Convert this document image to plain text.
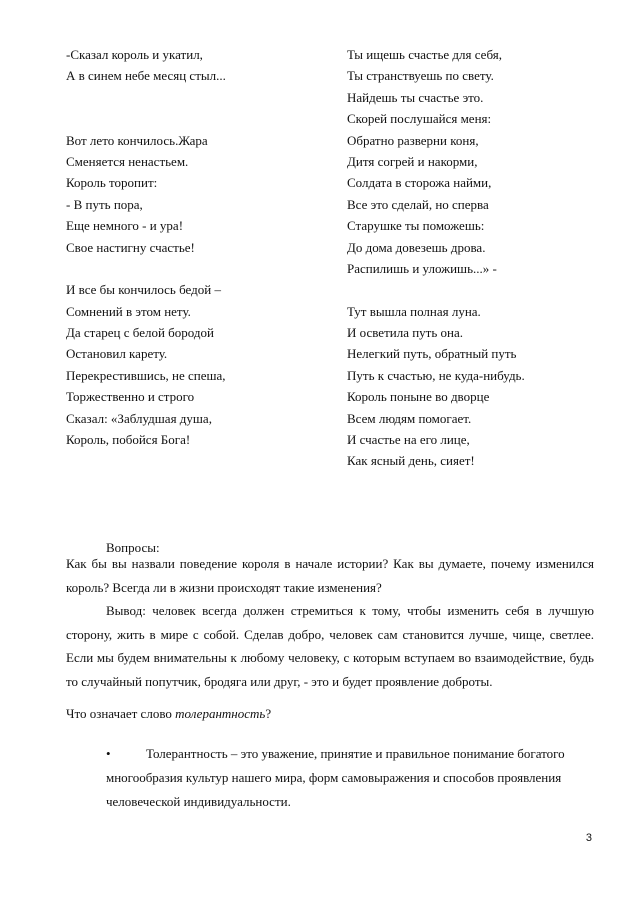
-Сказал король и укатил,
А в синем небе месяц стыл...
Вот лето кончилось.Жара
Сменяется ненастьем.
Король торопит:
- В путь пора,
Еще немного - и ура!
Свое настигну счастье!
И все бы кончилось бедой –
Сомнений в этом нету.
Да старец с белой бородой
Остановил карету.
Перекрестившись, не спеша,
Торжественно и строго
Сказал: «Заблудшая душа,
Король, побойся Бога!
Ты ищешь счастье для себя,
Ты странствуешь по свету.
Найдешь ты счастье это.
Скорей послушайся меня:
Обратно разверни коня,
Дитя согрей и накорми,
Солдата в сторожа найми,
Все это сделай, но сперва
Старушке ты поможешь:
До дома довезешь дрова.
Распилишь и уложишь...» -
Тут вышла полная луна.
И осветила путь она.
Нелегкий путь, обратный путь
Путь к счастью, не куда-нибудь.
Король поныне во дворце
Всем людям помогает.
И счастье на его лице,
Как ясный день, сияет!
Вопросы:
Как бы вы назвали поведение короля в начале истории? Как вы думаете, почему изменился король? Всегда ли в жизни происходят такие изменения?
Вывод: человек всегда должен стремиться к тому, чтобы изменить себя в лучшую сторону, жить в мире с собой. Сделав добро, человек сам становится лучше, чище, светлее. Если мы будем внимательны к любому человеку, с которым вступаем во взаимодействие, будь то случайный попутчик, бродяга или друг, - это и будет проявление доброты.
Что означает слово толерантность?
•	Толерантность – это уважение, принятие и правильное понимание богатого многообразия культур нашего мира, форм самовыражения и способов проявления человеческой индивидуальности.
3
